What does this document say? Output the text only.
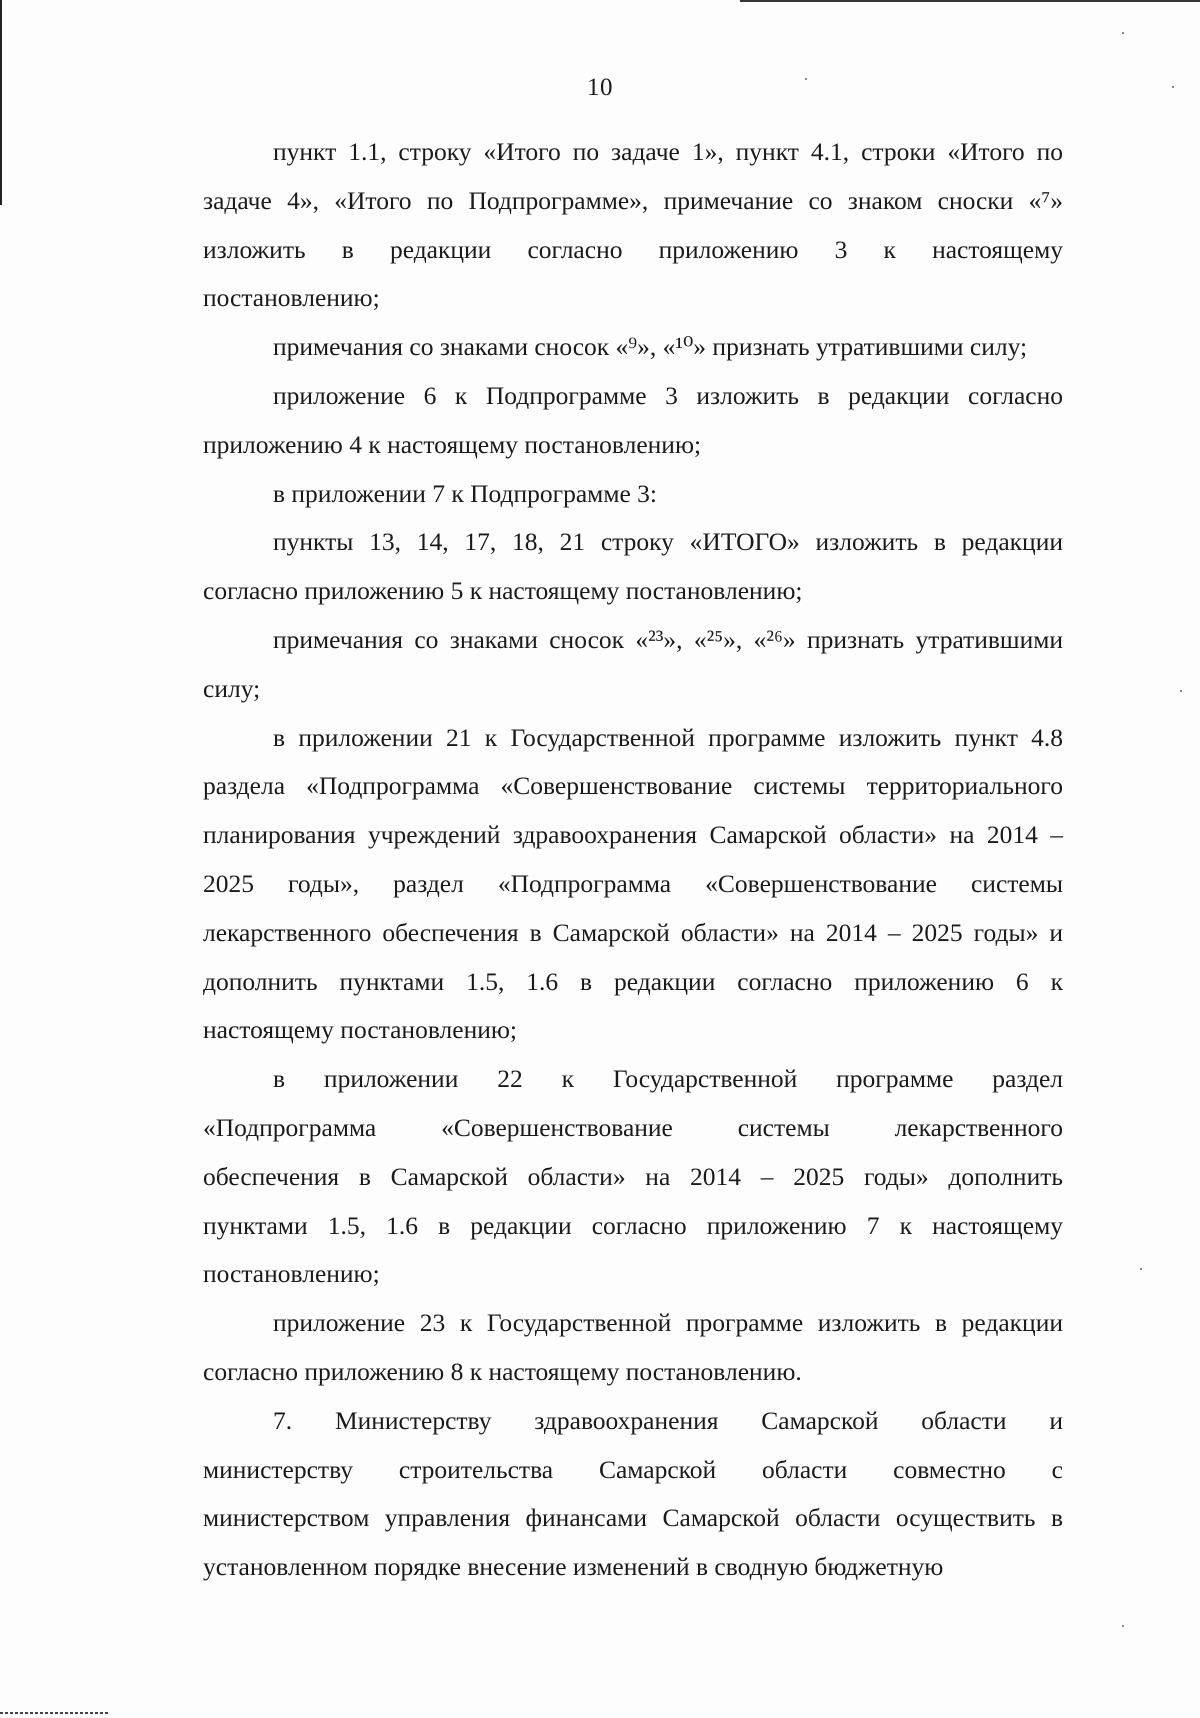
10
пункт 1.1, строку «Итого по задаче 1», пункт 4.1, строки «Итого по
задаче 4», «Итого по Подпрограмме», примечание со знаком сноски «⁷»
изложить в редакции согласно приложению 3 к настоящему
постановлению;
примечания со знаками сносок «⁹», «¹⁰» признать утратившими силу;
приложение 6 к Подпрограмме 3 изложить в редакции согласно
приложению 4 к настоящему постановлению;
в приложении 7 к Подпрограмме 3:
пункты 13, 14, 17, 18, 21 строку «ИТОГО» изложить в редакции
согласно приложению 5 к настоящему постановлению;
примечания со знаками сносок «²³», «²⁵», «²⁶» признать утратившими
силу;
в приложении 21 к Государственной программе изложить пункт 4.8
раздела «Подпрограмма «Совершенствование системы территориального
планирования учреждений здравоохранения Самарской области» на 2014 –
2025 годы», раздел «Подпрограмма «Совершенствование системы
лекарственного обеспечения в Самарской области» на 2014 – 2025 годы» и
дополнить пунктами 1.5, 1.6 в редакции согласно приложению 6 к
настоящему постановлению;
в приложении 22 к Государственной программе раздел
«Подпрограмма «Совершенствование системы лекарственного
обеспечения в Самарской области» на 2014 – 2025 годы» дополнить
пунктами 1.5, 1.6 в редакции согласно приложению 7 к настоящему
постановлению;
приложение 23 к Государственной программе изложить в редакции
согласно приложению 8 к настоящему постановлению.
7. Министерству здравоохранения Самарской области и
министерству строительства Самарской области совместно с
министерством управления финансами Самарской области осуществить в
установленном порядке внесение изменений в сводную бюджетную
